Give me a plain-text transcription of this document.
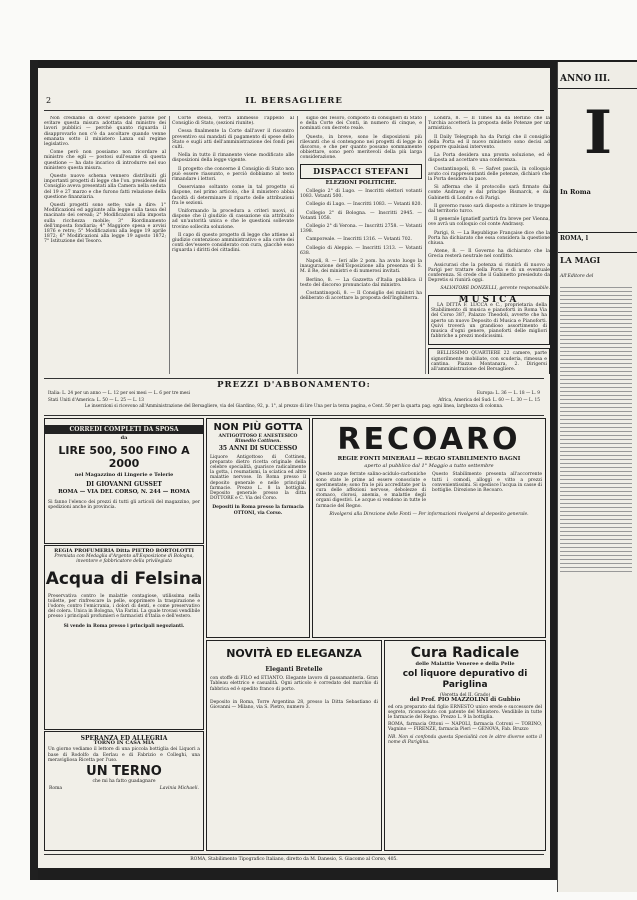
2	IL BERSAGLIERE

Non crediamo di dover spendere parole per evitare questa misura adottata dal ministro dei lavori pubblici — perchè quanto riguarda il disapprovarlo non c'è da ascoltare quando venne emanata sotto il ministero Lanza sul regime legislativo.

Come però non possiamo non ricordare al ministro che egli — postosi sull'esame di questa questione — ha dato incarico di introdurre nel suo ministero questa misura.

Questo nuovo schema vennero distribuiti gli importanti progetti di legge che l'on. presidente del Consiglio aveva presentati alla Camera nella seduta del 19 e 27 marzo e che furono fatti relazione della questione finanziaria.

Questi progetti sono sette; vale a dire: 1° Modificazioni ed aggiunte alla legge sulla tassa del macinato dei cereali; 2° Modificazioni alla imposta sulla ricchezza mobile; 3° Riordinamento dell'imposta fondiaria; 4° Maggiore spesa e avvisi 1876 e retro; 5° Modificazioni alla legge 19 aprile 1872; 6° Modificazioni alla legge 19 agosto 1872; 7° Istituzione del Tesoro.

Corte stessa, verrà ammesso l'appello al Consiglio di Stato, (sezioni riunite).

Cessa finalmente la Corte dall'aver il riscontro preventivo sui mandati di pagamento di spese dello Stato e sugli atti dell'amministrazione dei fondi pei culti.

Nella in tutto il rimanente viene modificato alle disposizioni della legge vigente.

Il progetto che concerne il Consiglio di Stato non può essere riassunto, e perciò dobbiamo al testo rimandare i lettori.

Osserviamo soltanto come in tal progetto si dispone, nel primo articolo, che il ministero abbia facoltà di determinare il riparto delle attribuzioni fra le sezioni.

Uniformando la procedura a criteri nuovi, si dispone che il giudizio di cassazione sia attribuito ad un'autorità unica e che le questioni sollevate trovino sollecita soluzione.

Il capo di questo progetto di legge che attiene al giudizio contenzioso amministrativo e alla corte dei conti dev'essere considerato con cura, giacchè esso riguarda i diritti dei cittadini.

siglio del Tesoro, composto di consiglieri di Stato e della Corte dei Conti, in numero di cinque, e nominati con decreto reale.

Questo, in breve, sono le disposizioni più rilevanti che si contengono nei progetti di legge in discorso, e che per quanto possano sommamente obbiettare, sono però meritevoli della più larga considerazione.

DISPACCI STEFANI
ELEZIONI POLITICHE.

Collegio 2° di Lugo. — Inscritti elettori votanti 1083. Votanti 500.

Collegio di Lugo. — Inscritti 1083. — Votanti 820.

Collegio 2° di Bologna. — Inscritti 2945. — Votanti 1058.

Collegio 2° di Verona. — Inscritti 2758. — Votanti 1398.

Camporeale. — Inscritti 1316. — Votanti 702.

Collegio di Aleppio. — Inscritti 1313. — Votanti 638.

Napoli, 8. — Ieri alle 2 pom. ha avuto luogo la inaugurazione dell'Esposizione alla presenza di S. M. il Re, dei ministri e di numerosi invitati.

Berlino, 8. — La Gazzetta d'Italia pubblica il testo del discorso pronunciato dal ministro.

Costantinopoli, 8. — Il Consiglio dei ministri ha deliberato di accettare la proposta dell'Inghilterra.

Londra, 8. — Il Times ha da Berlino che la Turchia accetterà la proposta delle Potenze per un armistizio.

Il Daily Telegraph ha da Parigi che il consiglio della Porta ed il nuovo ministero sono decisi ad opporre qualsiasi intervento.

La Porta desidera una pronta soluzione, ed è disposta ad accettare una conferenza.

Costantinopoli, 8. — Safvet pascià, in colloquio avuto coi rappresentanti delle potenze, dichiarò che la Porta desidera la pace.

Si afferma che il protocollo sarà firmato dal conte Andrassy e dal principe Bismarck, e dai Gabinetti di Londra e di Parigi.

Il governo russo sarà disposto a ritirare le truppe dal territorio turco.

Il generale Ignatieff partirà fra breve per Vienna, ove avrà un colloquio col conte Andrassy.

Parigi, 8. — La Republique Française dice che la Porta ha dichiarato che essa considera la questione chiusa.

Atene, 8. — Il Governo ha dichiarato che la Grecia resterà neutrale nel conflitto.

Assicurasi che la potenza si riunirà di nuovo a Parigi per trattare della Porta e di un eventuale conferenza. Si crede che il Gabinetto presieduto da Depretis si riunirà oggi.

SALVATORE DONZELLI, gerente responsabile.
MUSICA

LA DITTA F. LUCCA e C., proprietaria della Stabilimento di musica e pianoforti in Roma Via del Corso 387, Palazzo Theodoli, avverte che ha aperto un nuovo Deposito di Musica e Pianoforti. Quivi troverà un grandioso assortimento di musica d'ogni genere, pianoforti delle migliori fabbriche a prezzi modicissimi.

BELLISSIMO QUARTIERE 22 camere, parte signorilmente mobiliate, con scuderia, rimessa e cantina. Piazza Montanara, 2. Dirigersi all'amministrazione del Bersagliere.

PREZZI D'ABBONAMENTO:
Italia: L. 24 per un anno — L. 12 per sei mesi — L. 6 per tre mesi	Europa: L. 36 — L. 18 — L. 9
Stati Uniti d'America: L. 50 — L. 25 — L. 13	Africa, America del Sud: L. 60 — L. 30 — L. 15
Le inserzioni si ricevono all'Amministrazione del Bersagliere, via del Giardino, 92, p. 1°, al prezzo di lire Una per la terza pagina, e Cent. 50 per la quarta pag. ogni linea, larghezza di colonna.
CORREDI COMPLETI DA SPOSA
da
LIRE 500, 500 FINO A 2000
nel Magazzino di Lingerie e Telerie
DI GIOVANNI GUSSET
ROMA — VIA DEL CORSO, N. 244 — ROMA
Si fanno l'elenco dei prezzi di tutti gli articoli del magazzino, per spedizioni anche in provincia.
REGIA PROFUMERIA Ditta PIETRO BORTOLOTTI
Premiata con Medaglia d'Argento all'Esposizione di Bologna, inventore e fabbricatore della privilegiata
Acqua di Felsina
Preservativa contro le malattie contagiose, utilissima nella toilette, per rinfrescare la pelle, sopprimere la traspirazione e l'odore; contro l'emicrania, i dolori di denti, e come preservativo del colera. Unica in Bologna, Via Farini. La quale trovasi vendibile presso i principali profumieri e farmacisti d'Italia e dell'estero.
Si vende in Roma presso i principali negozianti.
SPERANZA ED ALLEGRIA
TORNO IN CASA MIA
Un giorno vediamo il lettore di una piccola bottiglia dei Liquori a base di Rodolfo da Eerlau e di Fabrizio e Colleghi, una meravigliosa Ricetta per l'uso.
UN TERNO
che mi ha fatto guadagnare
Roma	Lavinia Michaeli.
NON PIÙ GOTTA
ANTIGOTTOSO E ANESTESICO
Rimedio Cottinen.
35 ANNI DI SUCCESSO
Liquore Antigottoso di Cottinen, preparato dietro ricetta originale della celebre specialità, guarisce radicalmente la gotta, i reumatismi, la sciatica ed altre malattie nervose. In Roma presso il deposito generale e nelle principali farmacie. Prezzo L. 8 la bottiglia. Deposito generale presso la ditta DOTTORE e C. Via del Corso.
Depositi in Roma presso la farmacia OTTONI, via Corso.
RECOARO
REGIE FONTI MINERALI — REGIO STABILIMENTO BAGNI
aperto al pubblico dal 1° Maggio a tutto settembre
Queste acque ferrate salino-acidulo-carboniche sono state le prime ad essere conosciute e sperimentate; sono fra le più accreditate per la cura delle affezioni nervose, debolezze di stomaco, clorosi, anemia, e malattie degli organi digestivi. Le acque si vendono in tutte le farmacie del Regno.
Questo Stabilimento presenta all'accorrente tutti i comodi, alloggi e vitto a prezzi convenientissimi. Si spedisce l'acqua in casse di bottiglie. Direzione in Recoaro.
Rivolgersi alla Direzione delle Fonti — Per informazioni rivolgersi al deposito generale.
NOVITÀ ED ELEGANZA
Eleganti Bretelle
con stoffe di FILO ed ETIANTO. Elegante lavoro di passamanteria. Gran Tableau elettrico e casualità. Ogni articolo è corredato del marchio di fabbrica ed è spedito franco di porto.
Deposito in Roma, Torre Argentina 28, presso la Ditta Sebastiano di Giovanni — Milano, via S. Pietro, numero 3.
Cura Radicale
delle Malattie Veneree e della Pelle
col liquore depurativo di Pariglina
(Veretta del II. Grado)
del Prof. PIO MAZZOLINI di Gubbio
ed ora preparato dal figlio ERNESTO unico erede e successore del segreto, riconosciuto con patente del Ministero. Vendibile in tutte le farmacie del Regno. Prezzo L. 9 la bottiglia.
ROMA, farmacia Ottoni — NAPOLI, farmacia Cotroni — TORINO, Vagnino — FIRENZE, farmacia Pieri — GENOVA, Fab. Bruzzo
NB. Non si confonda questa Specialità con le altre diverse sotto il nome di Pariglina.
ROMA, Stabilimento Tipografico Italiano, diretto da M. Danesio, S. Giacomo al Corso, 405.
ANNO III.
I
In Roma
ROMA, l
LA MAGI
All'Editore del
